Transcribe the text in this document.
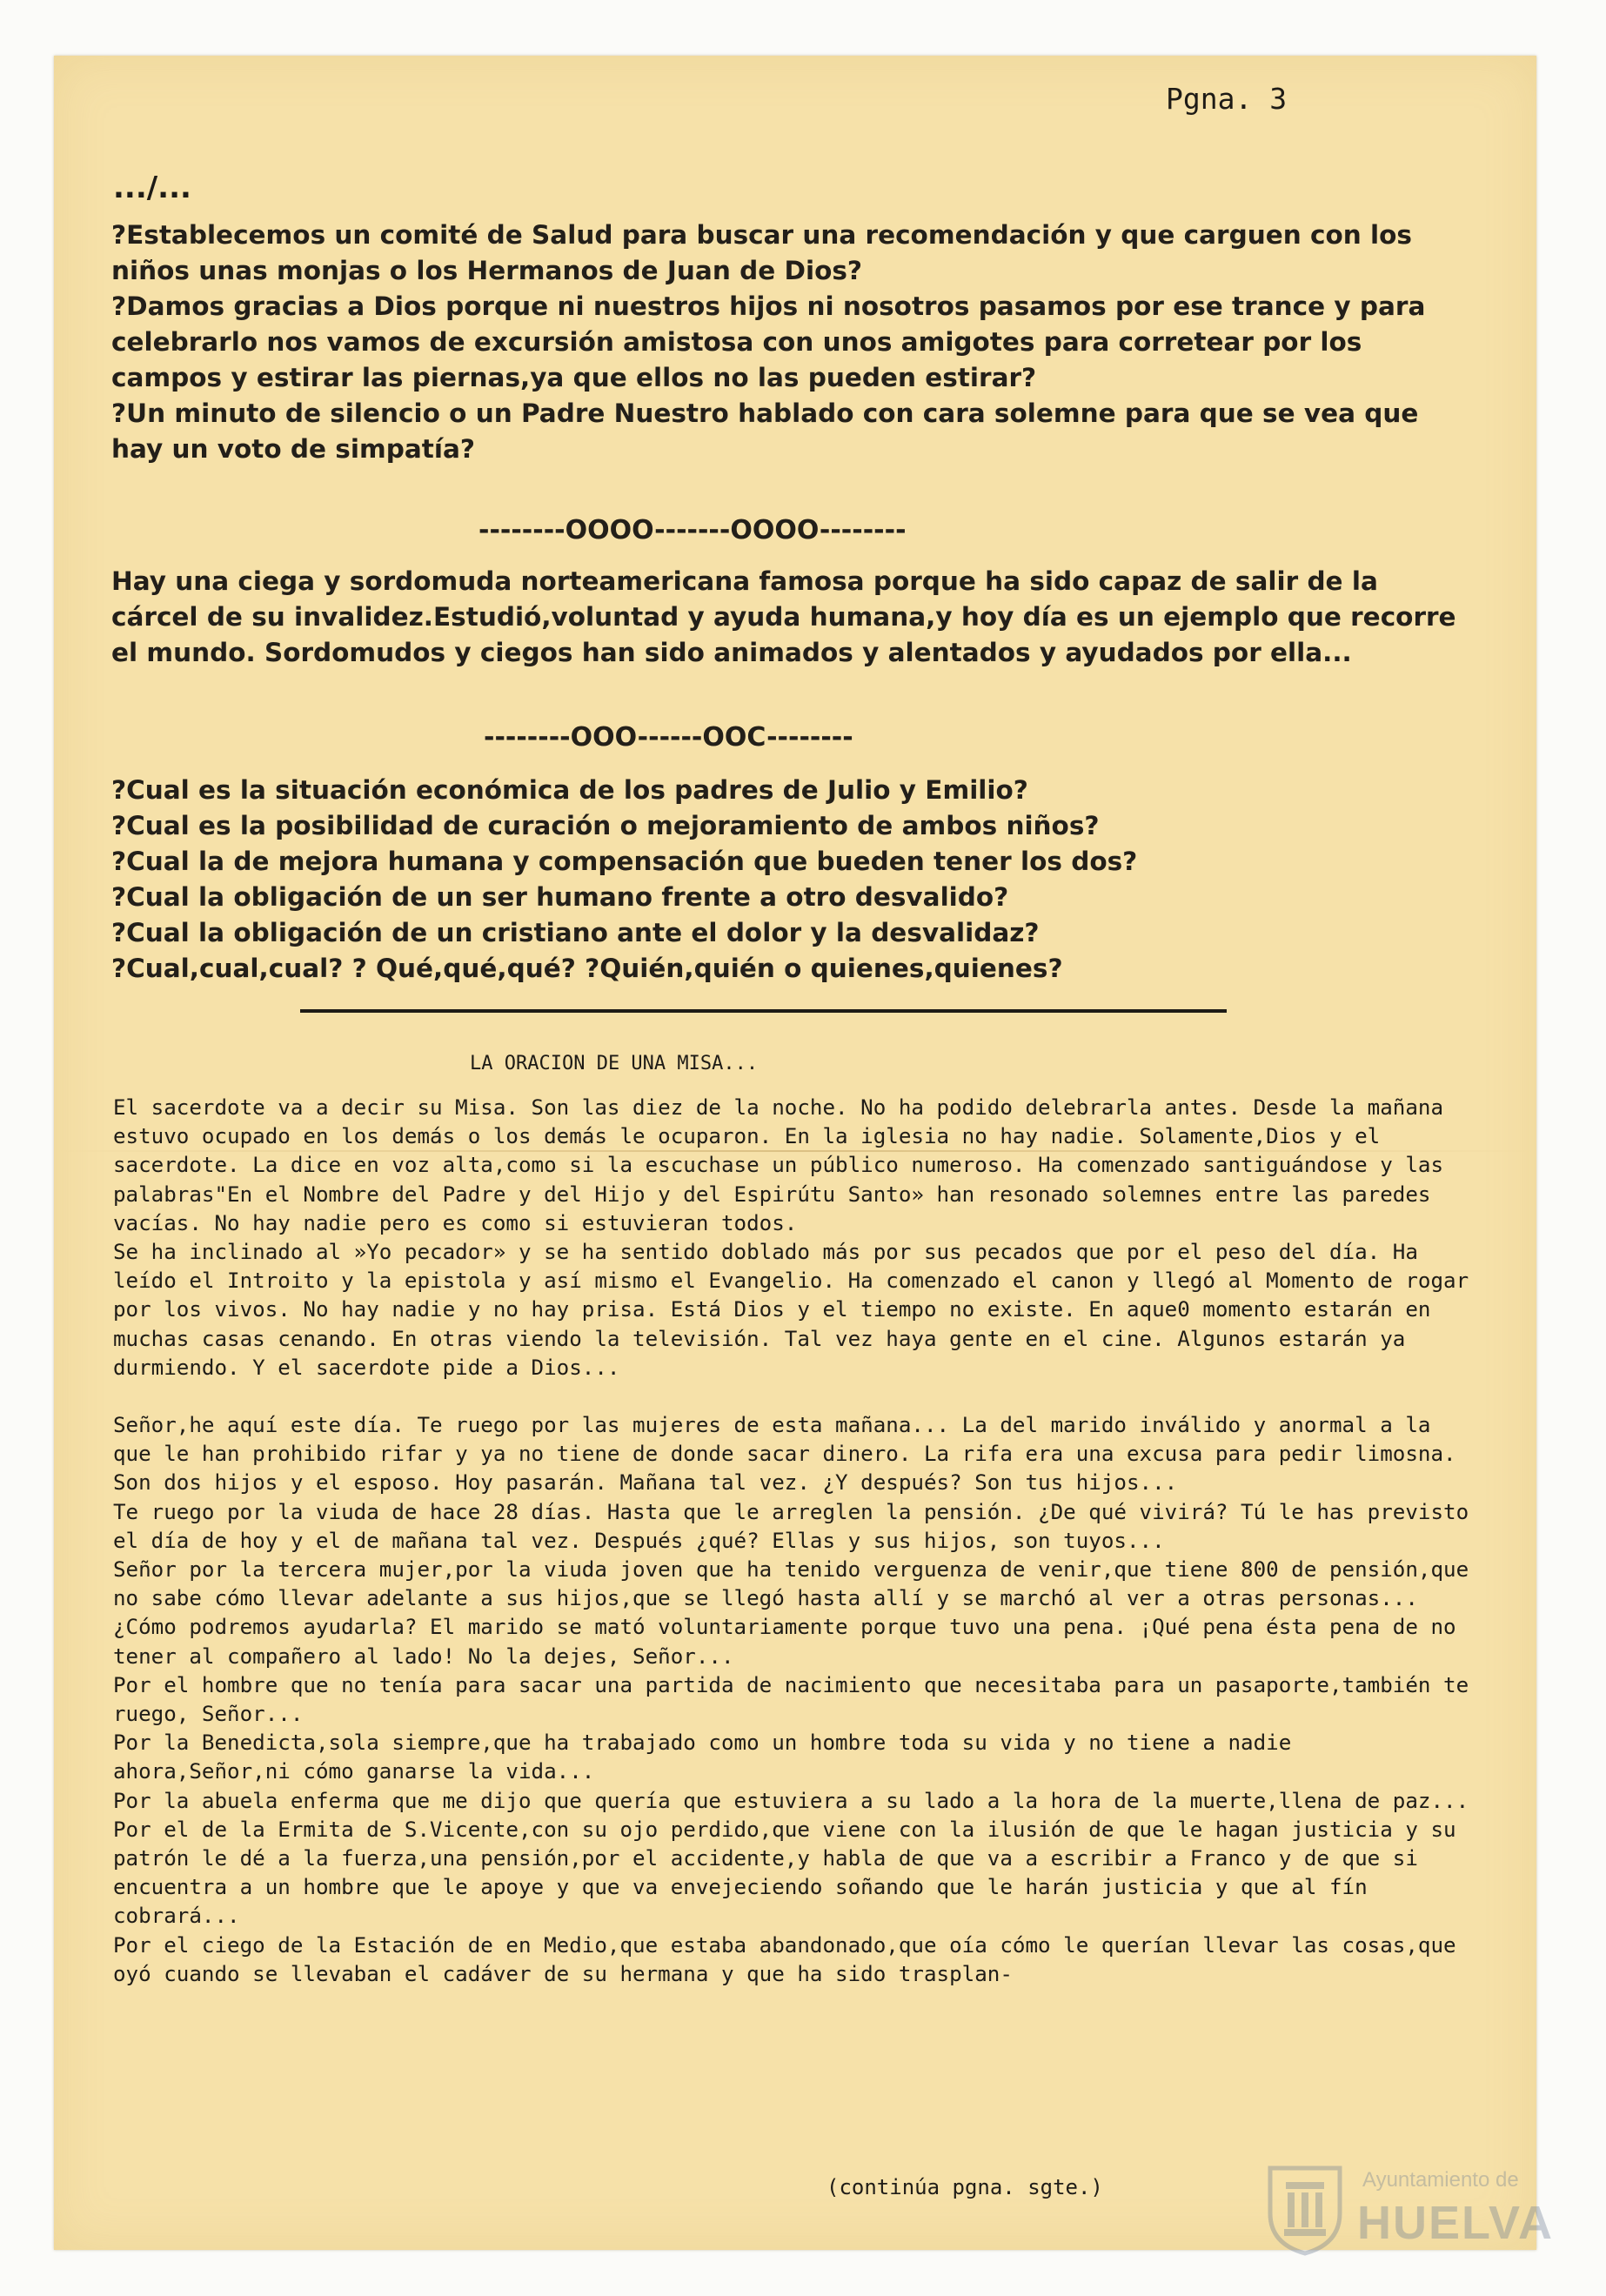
Pgna. 3
.../...

?Establecemos un comité de Salud para buscar una recomendación y que carguen con los niños unas monjas o los Hermanos de Juan de Dios?

?Damos gracias a Dios porque ni nuestros hijos ni nosotros pasamos por ese trance y para celebrarlo nos vamos de excursión amistosa con unos amigotes para corretear por los campos y estirar las piernas,ya que ellos no las pueden estirar?

?Un minuto de silencio o un Padre Nuestro hablado con cara solemne para que se vea que hay un voto de simpatía?

--------OOOO-------OOOO--------

Hay una ciega y sordomuda norteamericana famosa porque ha sido capaz de salir de la cárcel de su invalidez.Estudió,voluntad y ayuda humana,y hoy día es un ejemplo que recorre el mundo. Sordomudos y ciegos han sido animados y alentados y ayudados por ella...

--------OOO------OOC--------

?Cual es la situación económica de los padres de Julio y Emilio?

?Cual es la posibilidad de curación o mejoramiento de ambos niños?

?Cual la de mejora humana y compensación que bueden tener los dos?

?Cual la obligación de un ser humano frente a otro desvalido?

?Cual la obligación de un cristiano ante el dolor y la desvalidaz?

?Cual,cual,cual? ? Qué,qué,qué? ?Quién,quién o quienes,quienes?

LA ORACION DE UNA MISA...

El sacerdote va a decir su Misa. Son las diez de la noche. No ha podido delebrarla antes. Desde la mañana estuvo ocupado en los demás o los demás le ocuparon. En la iglesia no hay nadie. Solamente,Dios y el sacerdote. La dice en voz alta,como si la escuchase un público numeroso. Ha comenzado santiguándose y las palabras"En el Nombre del Padre y del Hijo y del Espirútu Santo» han resonado solemnes entre las paredes vacías. No hay nadie pero es como si estuvieran todos.

Se ha inclinado al »Yo pecador» y se ha sentido doblado más por sus pecados que por el peso del día. Ha leído el Introito y la epistola y así mismo el Evangelio. Ha comenzado el canon y llegó al Momento de rogar por los vivos. No hay nadie y no hay prisa. Está Dios y el tiempo no existe. En aque0 momento estarán en muchas casas cenando. En otras viendo la televisión. Tal vez haya gente en el cine. Algunos estarán ya durmiendo. Y el sacerdote pide a Dios...

Señor,he aquí este día. Te ruego por las mujeres de esta mañana... La del marido inválido y anormal a la que le han prohibido rifar y ya no tiene de donde sacar dinero. La rifa era una excusa para pedir limosna. Son dos hijos y el esposo. Hoy pasarán. Mañana tal vez. ¿Y después? Son tus hijos...

Te ruego por la viuda de hace 28 días. Hasta que le arreglen la pensión. ¿De qué vivirá? Tú le has previsto el día de hoy y el de mañana tal vez. Después ¿qué? Ellas y sus hijos, son tuyos...

Señor por la tercera mujer,por la viuda joven que ha tenido verguenza de venir,que tiene 800 de pensión,que no sabe cómo llevar adelante a sus hijos,que se llegó hasta allí y se marchó al ver a otras personas... ¿Cómo podremos ayudarla? El marido se mató voluntariamente porque tuvo una pena. ¡Qué pena ésta pena de no tener al compañero al lado! No la dejes, Señor...

Por el hombre que no tenía para sacar una partida de nacimiento que necesitaba para un pasaporte,también te ruego, Señor...

Por la Benedicta,sola siempre,que ha trabajado como un hombre toda su vida y no tiene a nadie ahora,Señor,ni cómo ganarse la vida...

Por la abuela enferma que me dijo que quería que estuviera a su lado a la hora de la muerte,llena de paz...

Por el de la Ermita de S.Vicente,con su ojo perdido,que viene con la ilusión de que le hagan justicia y su patrón le dé a la fuerza,una pensión,por el accidente,y habla de que va a escribir a Franco y de que si encuentra a un hombre que le apoye y que va envejeciendo soñando que le harán justicia y que al fín cobrará...

Por el ciego de la Estación de en Medio,que estaba abandonado,que oía cómo le querían llevar las cosas,que oyó cuando se llevaban el cadáver de su hermana y que ha sido trasplan-

(continúa pgna. sgte.)	Ayuntamiento de
HUELVA
